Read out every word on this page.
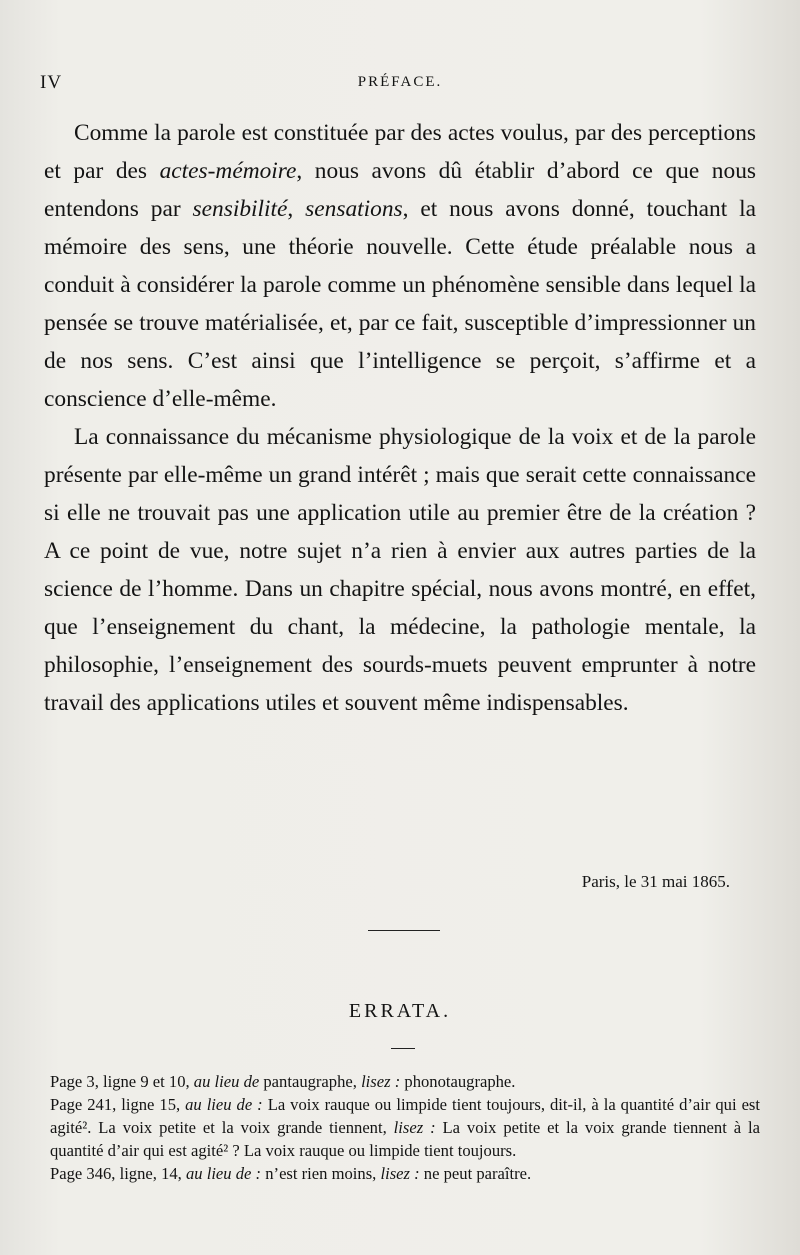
IV	PRÉFACE.

Comme la parole est constituée par des actes voulus, par des perceptions et par des actes-mémoire, nous avons dû établir d’abord ce que nous entendons par sensibilité, sensations, et nous avons donné, touchant la mémoire des sens, une théorie nouvelle. Cette étude préalable nous a conduit à considérer la parole comme un phénomène sensible dans lequel la pensée se trouve matérialisée, et, par ce fait, susceptible d’impressionner un de nos sens. C’est ainsi que l’intelligence se perçoit, s’affirme et a conscience d’elle-même.

La connaissance du mécanisme physiologique de la voix et de la parole présente par elle-même un grand intérêt ; mais que serait cette connaissance si elle ne trouvait pas une application utile au premier être de la création ? A ce point de vue, notre sujet n’a rien à envier aux autres parties de la science de l’homme. Dans un chapitre spécial, nous avons montré, en effet, que l’enseignement du chant, la médecine, la pathologie mentale, la philosophie, l’enseignement des sourds-muets peuvent emprunter à notre travail des applications utiles et souvent même indispensables.

Paris, le 31 mai 1865.
ERRATA.
Page 3, ligne 9 et 10, au lieu de pantaugraphe, lisez : phonotaugraphe.
Page 241, ligne 15, au lieu de : La voix rauque ou limpide tient toujours, dit-il, à la quantité d’air qui est agité². La voix petite et la voix grande tiennent, lisez : La voix petite et la voix grande tiennent à la quantité d’air qui est agité² ? La voix rauque ou limpide tient toujours.
Page 346, ligne, 14, au lieu de : n’est rien moins, lisez : ne peut paraître.
